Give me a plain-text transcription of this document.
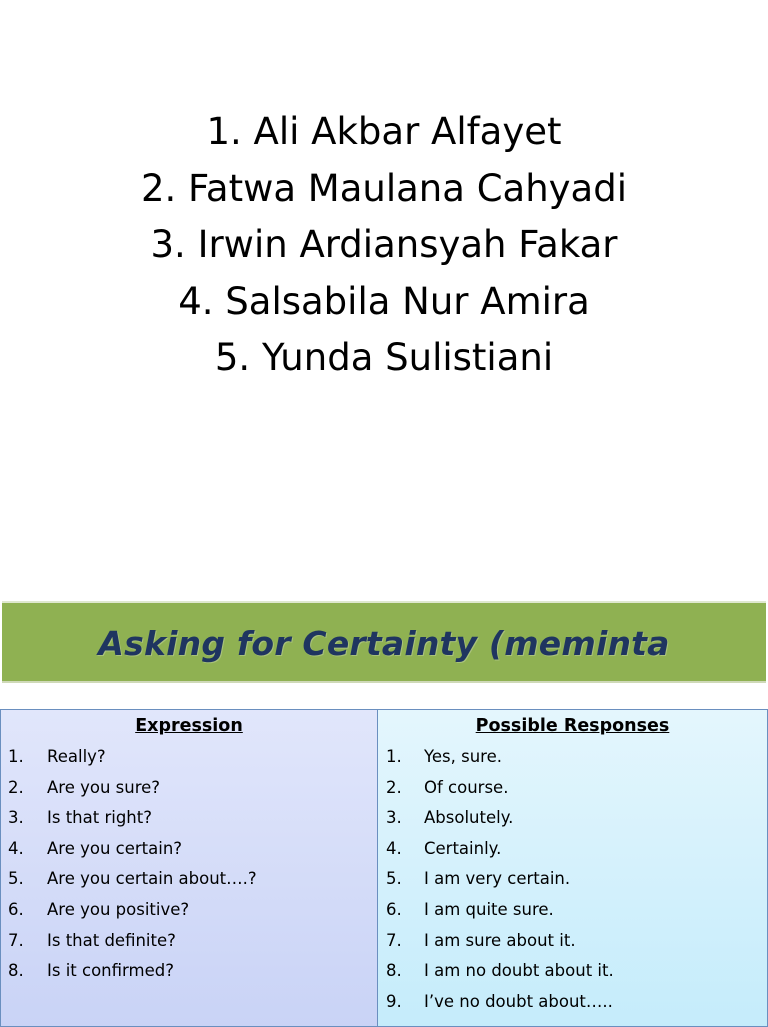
1. Ali Akbar Alfayet
2. Fatwa Maulana Cahyadi
3. Irwin Ardiansyah Fakar
4. Salsabila Nur Amira
5. Yunda Sulistiani
Asking for Certainty (meminta
Expression
1. Really?
2. Are you sure?
3. Is that right?
4. Are you certain?
5. Are you certain about….?
6. Are you positive?
7. Is that definite?
8. Is it confirmed?
Possible Responses
1. Yes, sure.
2. Of course.
3. Absolutely.
4. Certainly.
5. I am very certain.
6. I am quite sure.
7. I am sure about it.
8. I am no doubt about it.
9. I’ve no doubt about…..
